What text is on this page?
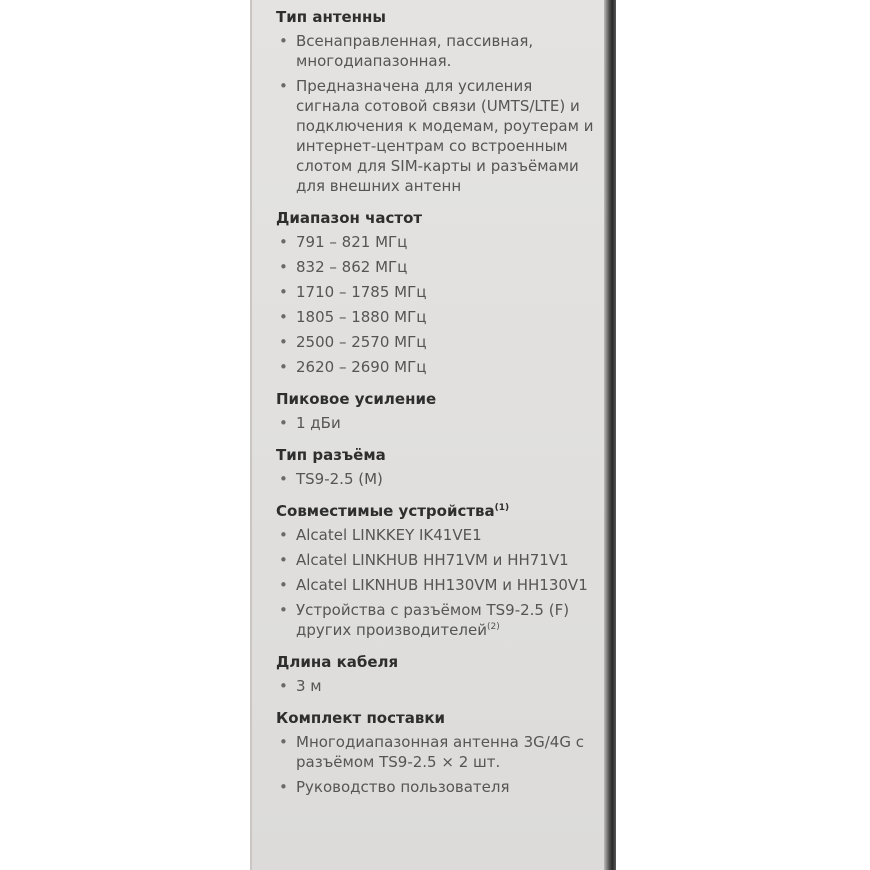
Тип антенны
• Всенаправленная, пассивная, многодиапазонная.
• Предназначена для усиления сигнала сотовой связи (UMTS/LTE) и подключения к модемам, роутерам и интернет-центрам со встроенным слотом для SIM-карты и разъёмами для внешних антенн
Диапазон частот
• 791 – 821 МГц
• 832 – 862 МГц
• 1710 – 1785 МГц
• 1805 – 1880 МГц
• 2500 – 2570 МГц
• 2620 – 2690 МГц
Пиковое усиление
• 1 дБи
Тип разъёма
• TS9-2.5 (M)
Совместимые устройства$^{(1)}$
• Alcatel LINKKEY IK41VE1
• Alcatel LINKHUB HH71VM и HH71V1
• Alcatel LIKNHUB HH130VM и HH130V1
• Устройства с разъёмом TS9-2.5 (F) других производителей$^{(2)}$
Длина кабеля
• 3 м
Комплект поставки
• Многодиапазонная антенна 3G/4G с разъёмом TS9-2.5 × 2 шт.
• Руководство пользователя
